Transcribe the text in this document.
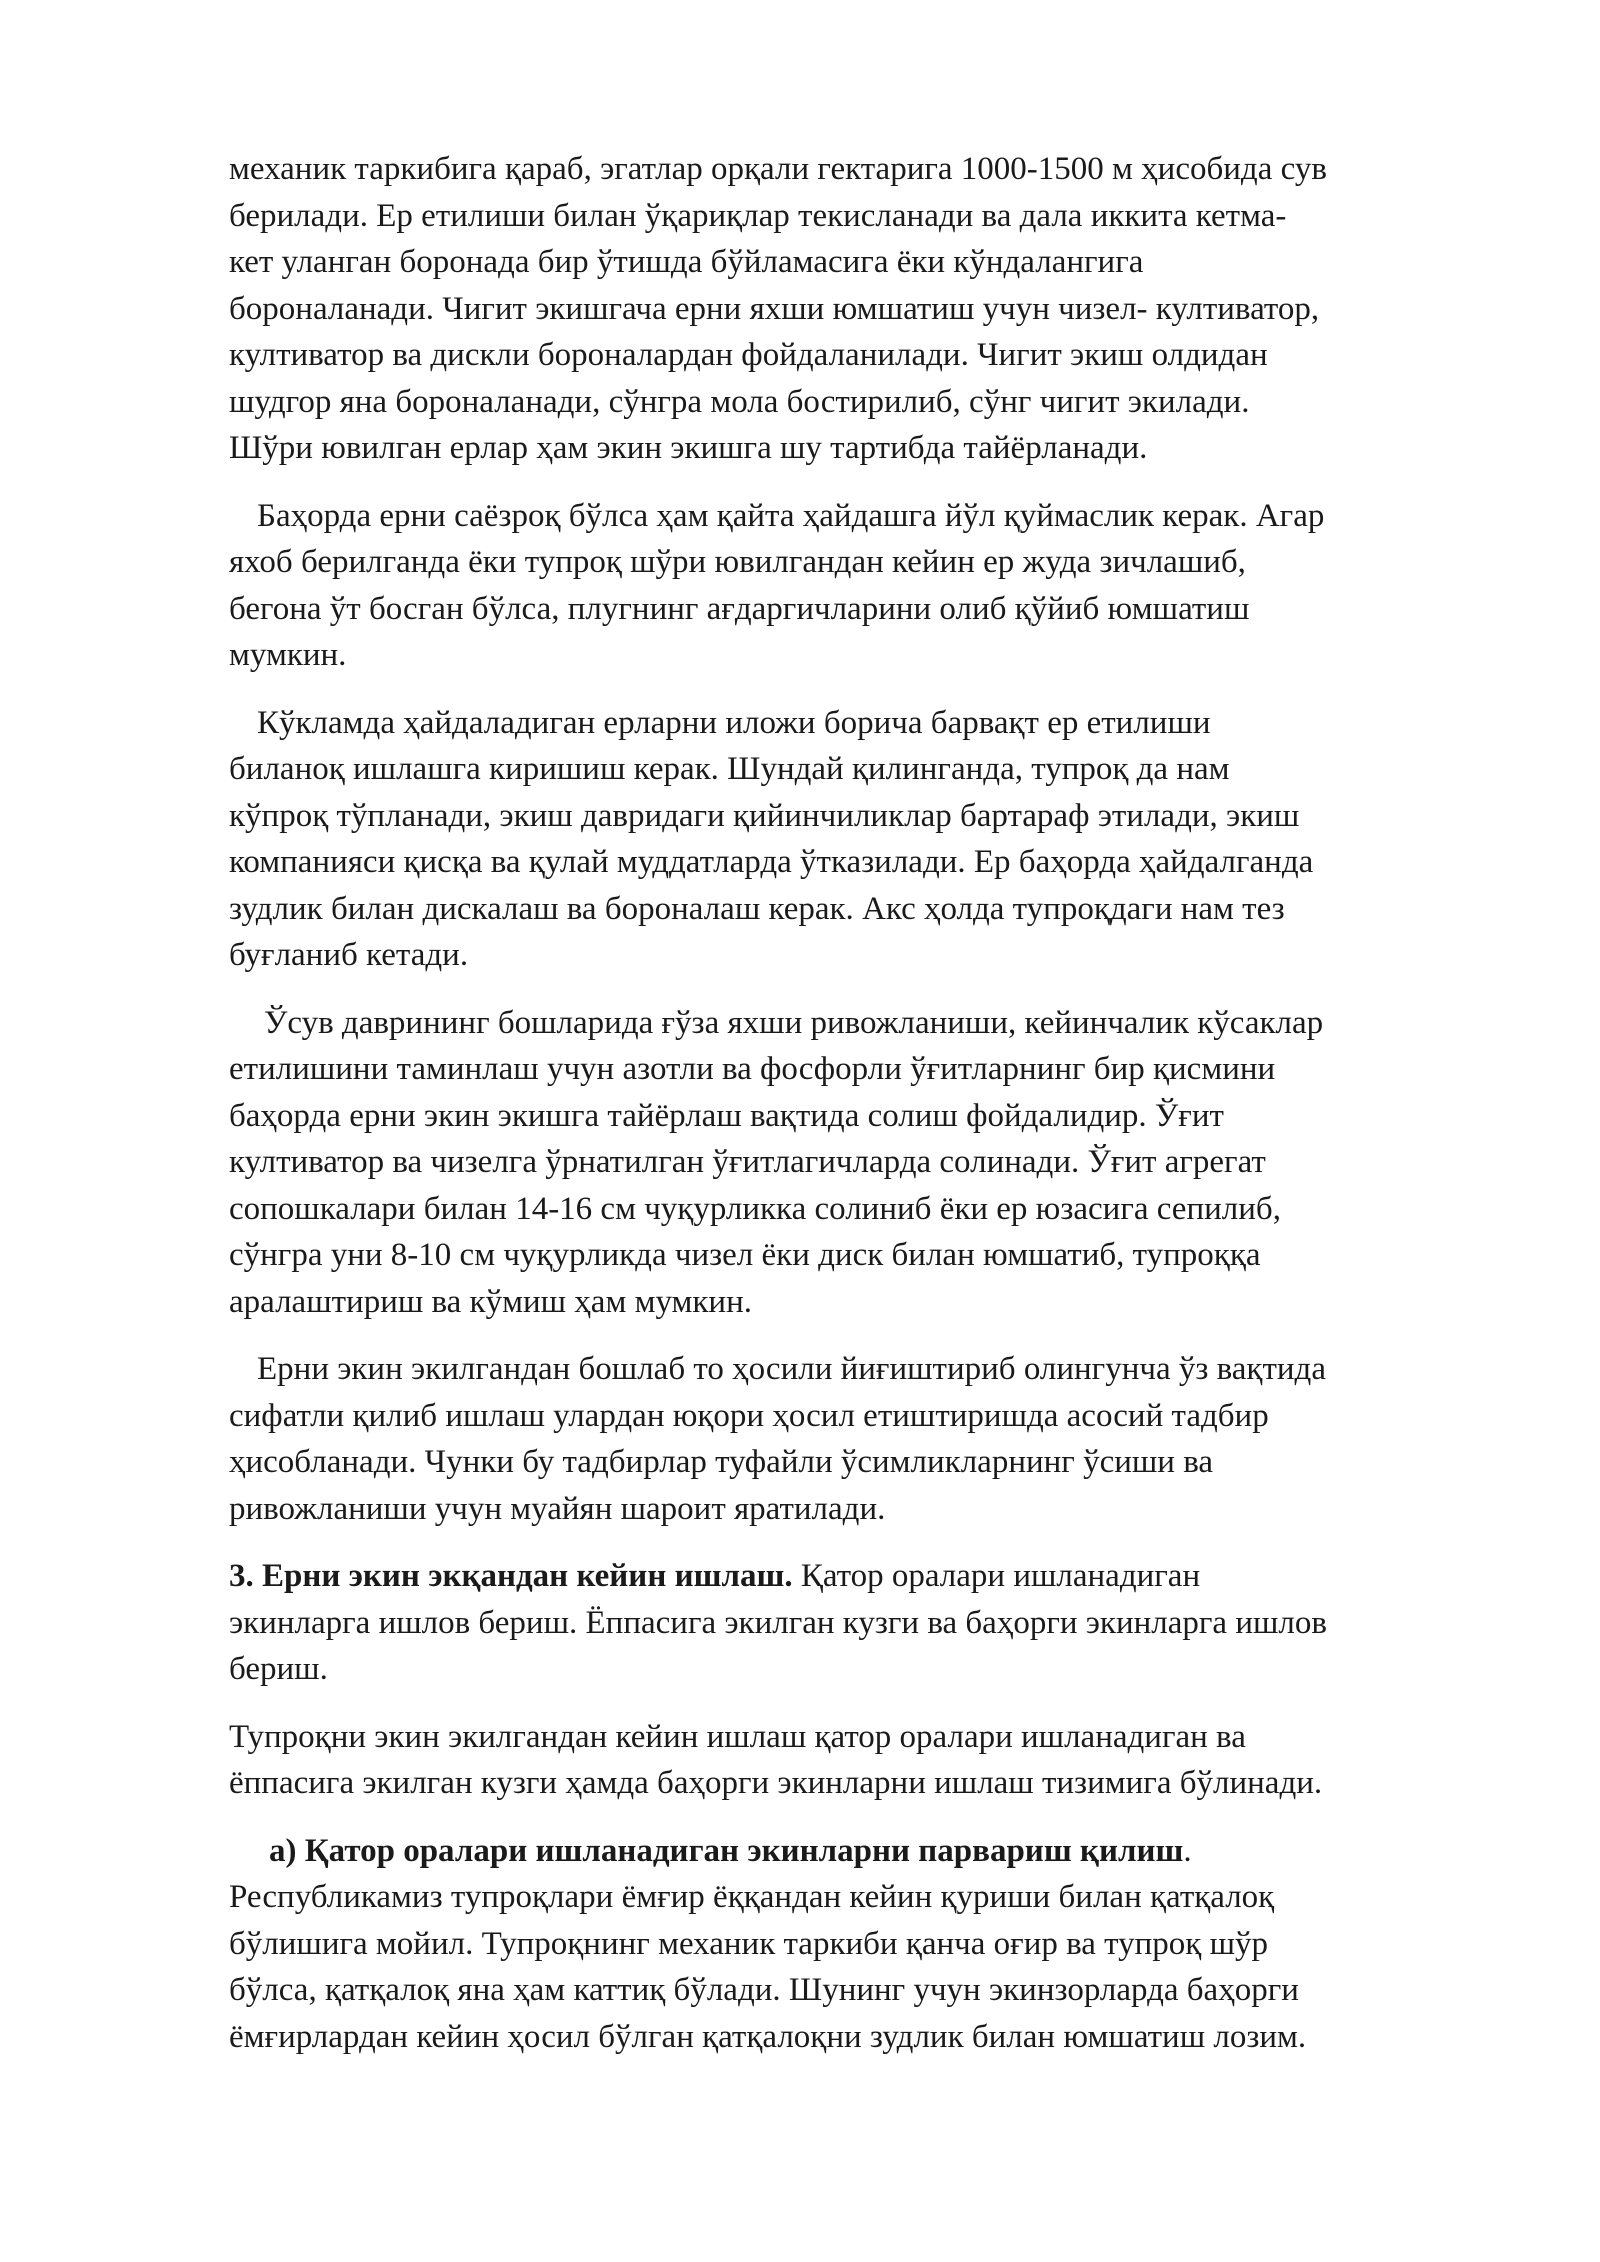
механик таркибига қараб, эгатлар орқали гектарига 1000-1500 м ҳисобида сув
берилади. Ер етилиши билан ўқариқлар текисланади ва дала иккита кетма-
кет уланган боронада бир ўтишда бўйламасига ёки кўндалангига
бороналанади. Чигит экишгача ерни яхши юмшатиш учун чизел- култиватор,
култиватор ва дискли бороналардан фойдаланилади. Чигит экиш олдидан
шудгор яна бороналанади, сўнгра мола бостирилиб, сўнг чигит экилади.
Шўри ювилган ерлар ҳам экин экишга шу тартибда тайёрланади.

Баҳорда ерни саёзроқ бўлса ҳам қайта ҳайдашга йўл қуймаслик керак. Агар
яхоб берилганда ёки тупроқ шўри ювилгандан кейин ер жуда зичлашиб,
бегона ўт босган бўлса, плугнинг ағдаргичларини олиб қўйиб юмшатиш
мумкин.

Кўкламда ҳайдаладиган ерларни иложи борича барвақт ер етилиши
биланоқ ишлашга киришиш керак. Шундай қилинганда, тупроқ да нам
кўпроқ тўпланади, экиш давридаги қийинчиликлар бартараф этилади, экиш
компанияси қисқа ва қулай муддатларда ўтказилади. Ер баҳорда ҳайдалганда
зудлик билан дискалаш ва бороналаш керак. Акс ҳолда тупроқдаги нам тез
буғланиб кетади.

Ўсув даврининг бошларида ғўза яхши ривожланиши, кейинчалик кўсаклар
етилишини таминлаш учун азотли ва фосфорли ўғитларнинг бир қисмини
баҳорда ерни экин экишга тайёрлаш вақтида солиш фойдалидир. Ўғит
култиватор ва чизелга ўрнатилган ўғитлагичларда солинади. Ўғит агрегат
сопошкалари билан 14-16 см чуқурликка солиниб ёки ер юзасига сепилиб,
сўнгра уни 8-10 см чуқурликда чизел ёки диск билан юмшатиб, тупроққа
аралаштириш ва кўмиш ҳам мумкин.

Ерни экин экилгандан бошлаб то ҳосили йиғиштириб олингунча ўз вақтида
сифатли қилиб ишлаш улардан юқори ҳосил етиштиришда асосий тадбир
ҳисобланади. Чунки бу тадбирлар туфайли ўсимликларнинг ўсиши ва
ривожланиши учун муайян шароит яратилади.

3. Ерни экин экқандан кейин ишлаш. Қатор оралари ишланадиган
экинларга ишлов бериш. Ёппасига экилган кузги ва баҳорги экинларга ишлов
бериш.

Тупроқни экин экилгандан кейин ишлаш қатор оралари ишланадиган ва
ёппасига экилган кузги ҳамда баҳорги экинларни ишлаш тизимига бўлинади.

а) Қатор оралари ишланадиган экинларни парвариш қилиш.
Республикамиз тупроқлари ёмғир ёққандан кейин қуриши билан қатқалоқ
бўлишига мойил. Тупроқнинг механик таркиби қанча оғир ва тупроқ шўр
бўлса, қатқалоқ яна ҳам каттиқ бўлади. Шунинг учун экинзорларда баҳорги
ёмғирлардан кейин ҳосил бўлган қатқалоқни зудлик билан юмшатиш лозим.
